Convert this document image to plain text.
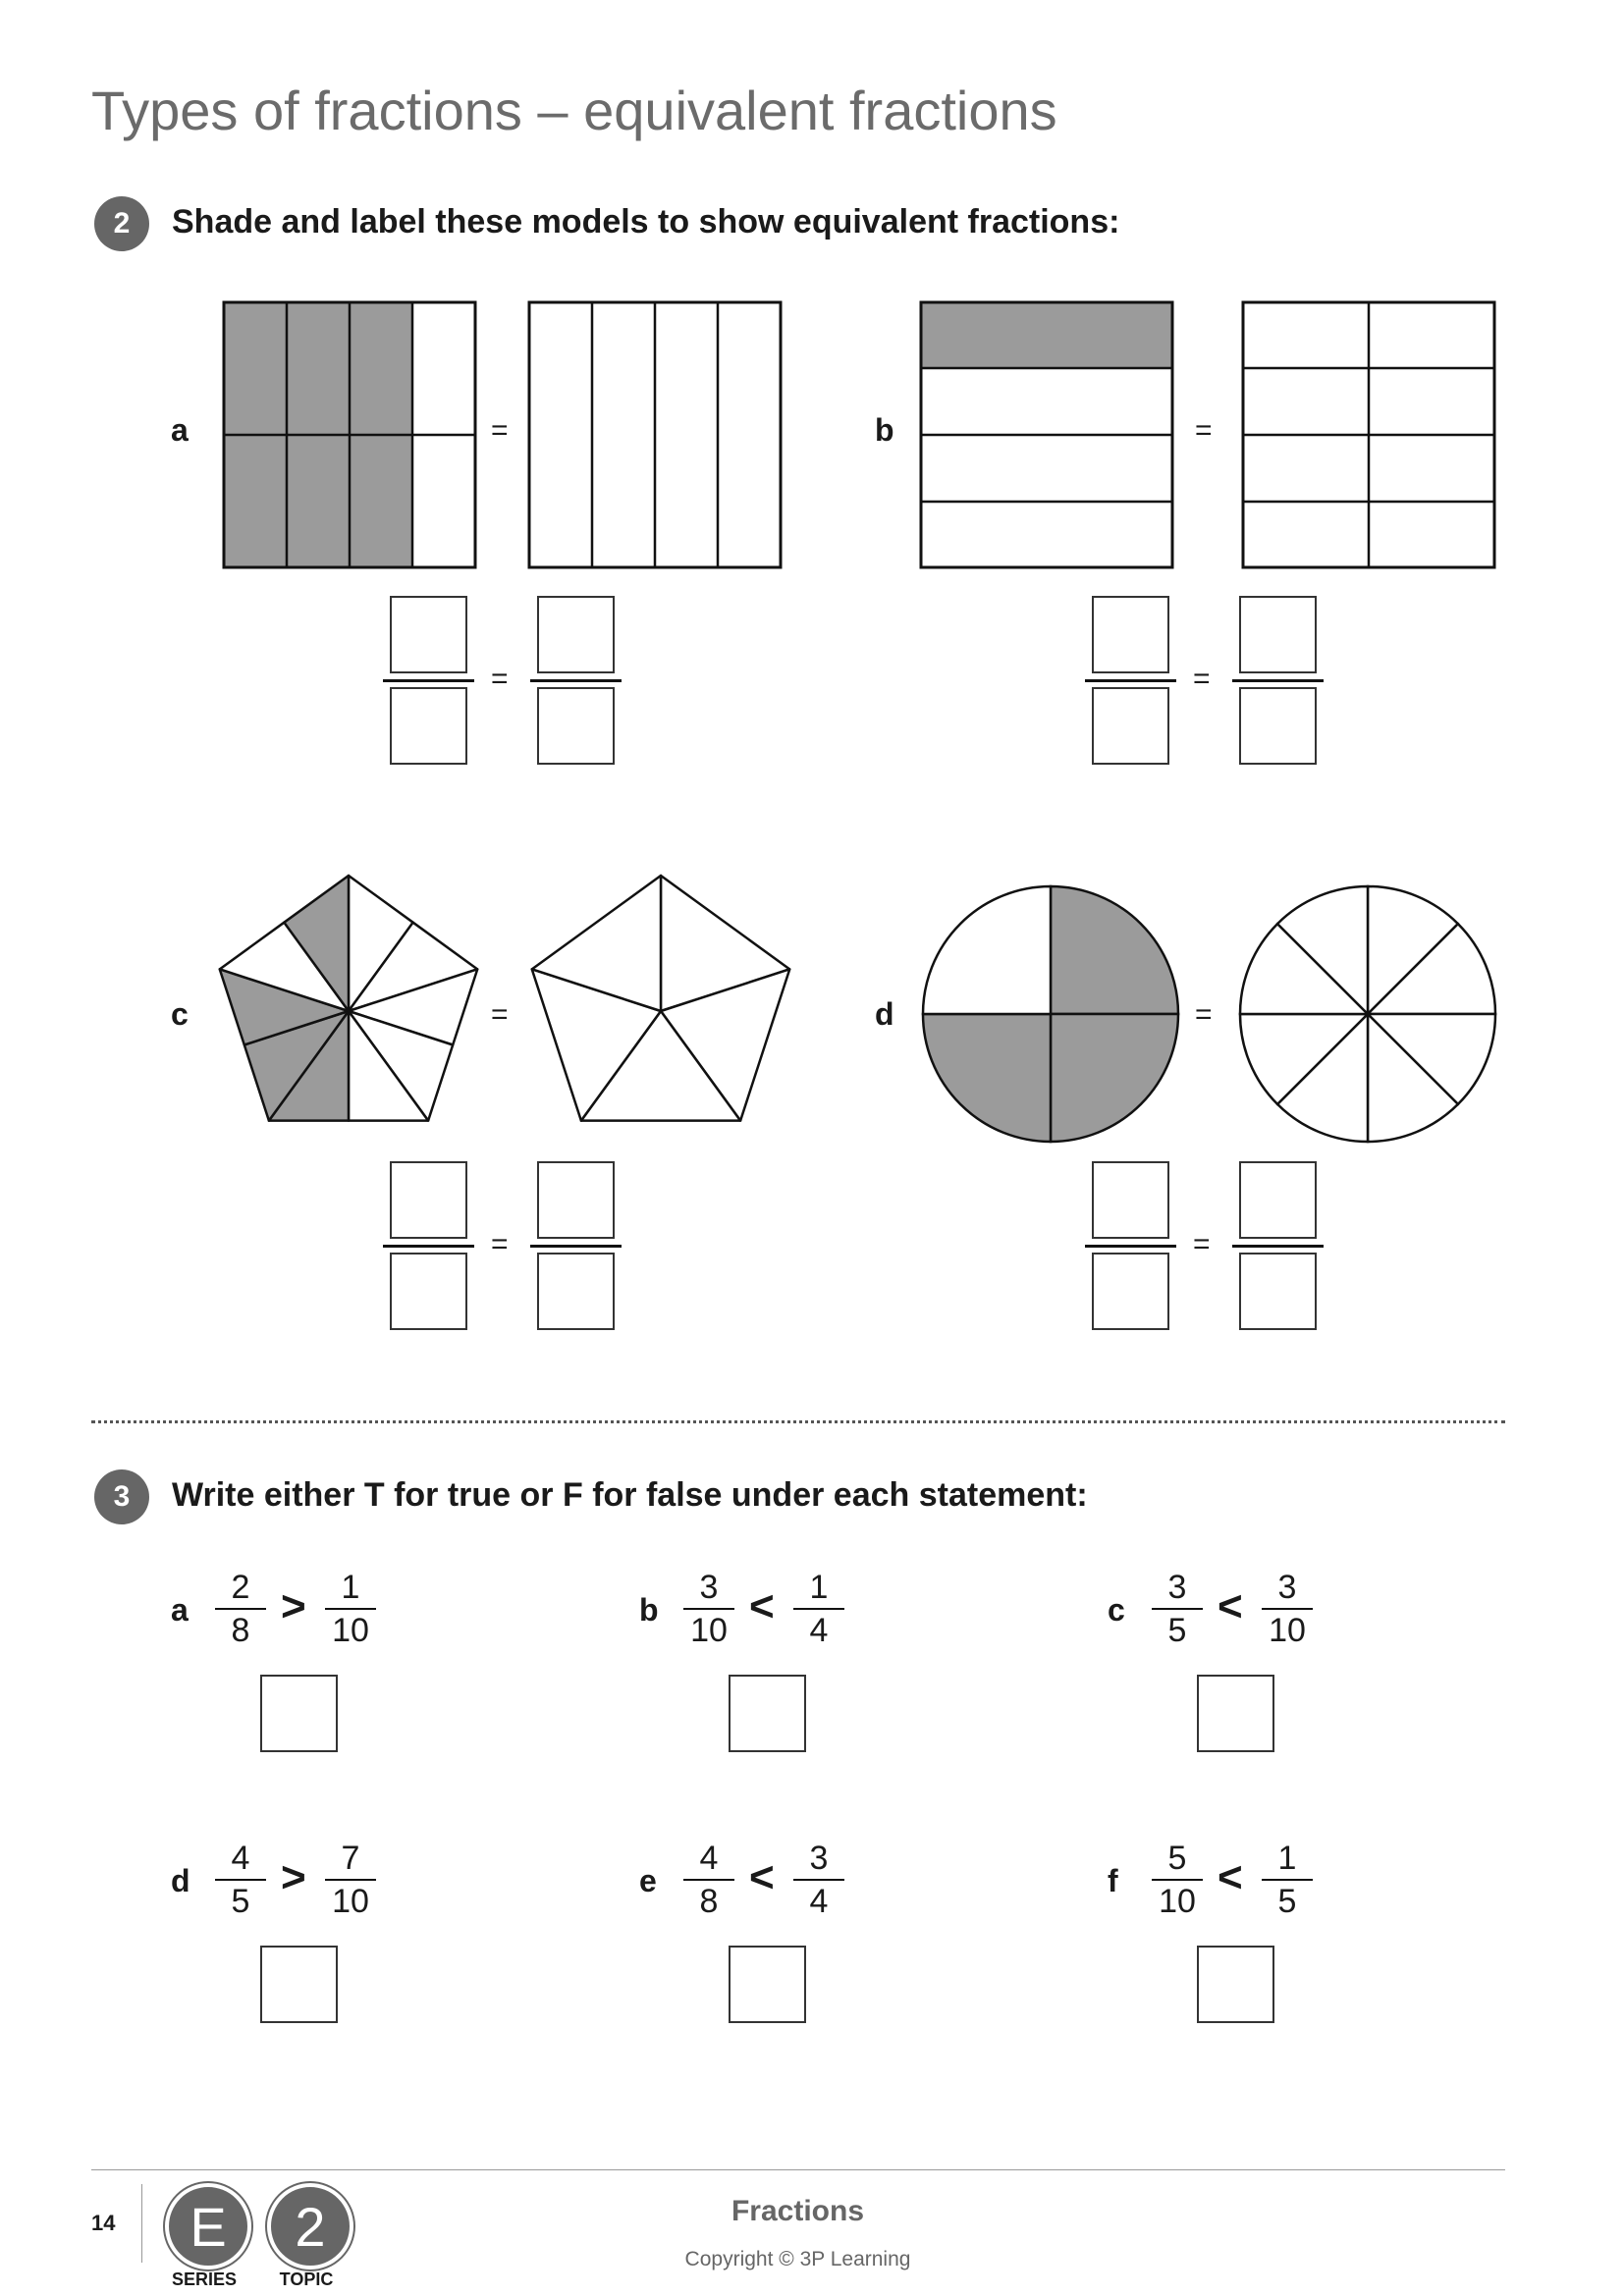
Types of fractions – equivalent fractions
2	Shade and label these models to show equivalent fractions:
a	=	b	=
c	=	d	=
=	=
=	=
3	Write either T for true or F for false under each statement:
a
2
8 >	1
10
b
3
10 <	1
4
c
3
5 <	3
10
d
4
5 >	7
10
e
4
8 <	3
4
f
5
10 <	1
5
14	E
SERIES
2
TOPIC
Fractions
Copyright © 3P Learning
